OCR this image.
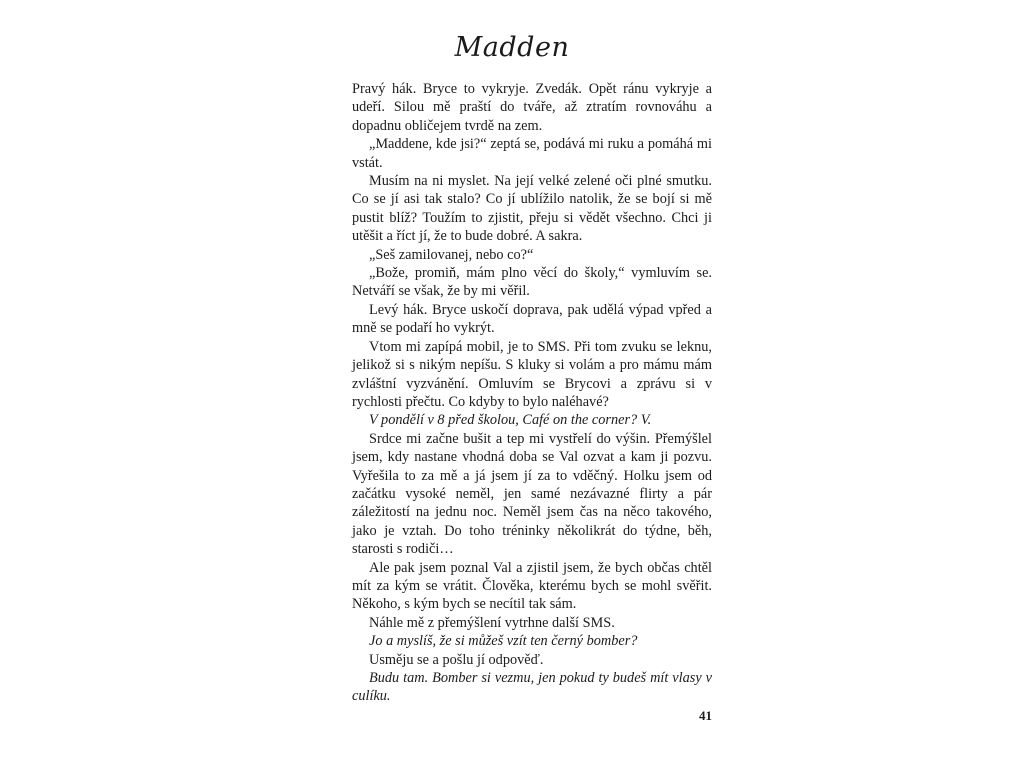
Madden

Pravý hák. Bryce to vykryje. Zvedák. Opět ránu vykryje a udeří. Silou mě praští do tváře, až ztratím rovnováhu a dopadnu obličejem tvrdě na zem.

„Maddene, kde jsi?“ zeptá se, podává mi ruku a pomáhá mi vstát.

Musím na ni myslet. Na její velké zelené oči plné smutku. Co se jí asi tak stalo? Co jí ublížilo natolik, že se bojí si mě pustit blíž? Toužím to zjistit, přeju si vědět všechno. Chci ji utěšit a říct jí, že to bude dobré. A sakra.

„Seš zamilovanej, nebo co?“

„Bože, promiň, mám plno věcí do školy,“ vymluvím se. Netváří se však, že by mi věřil.

Levý hák. Bryce uskočí doprava, pak udělá výpad vpřed a mně se podaří ho vykrýt.

Vtom mi zapípá mobil, je to SMS. Při tom zvuku se leknu, jelikož si s nikým nepíšu. S kluky si volám a pro mámu mám zvláštní vyzvánění. Omluvím se Brycovi a zprávu si v rychlosti přečtu. Co kdyby to bylo naléhavé?

V pondělí v 8 před školou, Café on the corner? V.

Srdce mi začne bušit a tep mi vystřelí do výšin. Přemýšlel jsem, kdy nastane vhodná doba se Val ozvat a kam ji pozvu. Vyřešila to za mě a já jsem jí za to vděčný. Holku jsem od začátku vysoké neměl, jen samé nezávazné flirty a pár záležitostí na jednu noc. Neměl jsem čas na něco takového, jako je vztah. Do toho tréninky několikrát do týdne, běh, starosti s rodiči…

Ale pak jsem poznal Val a zjistil jsem, že bych občas chtěl mít za kým se vrátit. Člověka, kterému bych se mohl svěřit. Někoho, s kým bych se necítil tak sám.

Náhle mě z přemýšlení vytrhne další SMS.

Jo a myslíš, že si můžeš vzít ten černý bomber?

Usměju se a pošlu jí odpověď.

Budu tam. Bomber si vezmu, jen pokud ty budeš mít vlasy v culíku.

41
